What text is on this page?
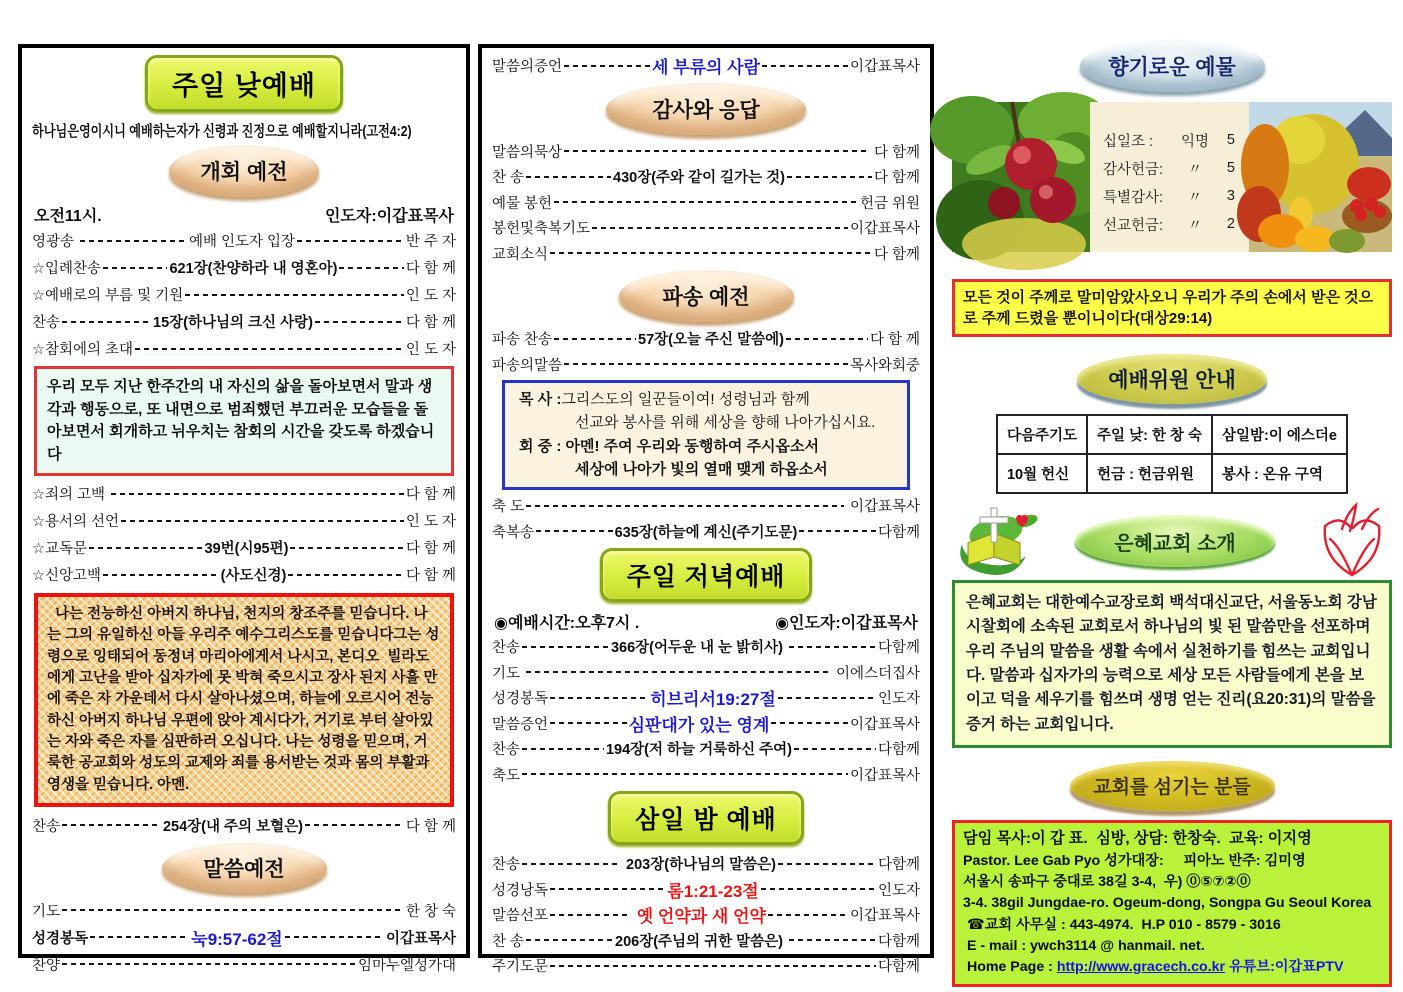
주일 낮예배
하나님은영이시니 예배하는자가 신령과 진정으로 예배할지니라(고전4:2)
개회 예전
오전11시.	인도자:이갑표목사
영광송	예배 인도자 입장	반 주 자
☆입례찬송	621장(찬양하라 내 영혼아)	다 함 께
☆예배로의 부름 및 기원	인 도 자
찬송	15장(하나님의 크신 사랑)	다 함 께
☆참회에의 초대	인 도 자
우리 모두 지난 한주간의 내 자신의 삶을 돌아보면서 말과 생각과 행동으로, 또 내면으로 범죄했던 부끄러운 모습들을 돌아보면서 회개하고 뉘우치는 참회의 시간을 갖도록 하겠습니다
☆죄의 고백	다 함 께
☆용서의 선언	인 도 자
☆교독문	39번(시95편)	다 함 께
☆신앙고백	(사도신경)	다 함 께
나는 전능하신 아버지 하나님, 천지의 창조주를 믿습니다. 나는 그의 유일하신 아들 우리주 예수그리스도를 믿습니다그는 성령으로 잉태되어 동정녀 마리아에게서 나시고, 본디오  빌라도에게 고난을 받아 십자가에 못 박혀 죽으시고 장사 된지 사흘 만에 죽은 자 가운데서 다시 살아나셨으며, 하늘에 오르시어 전능하신 아버지 하나님 우편에 앉아 계시다가, 거기로 부터 살아있는 자와 죽은 자를 심판하러 오십니다. 나는 성령을 믿으며, 거룩한 공교회와 성도의 교제와 죄를 용서받는 것과 몸의 부활과 영생을 믿습니다. 아멘.
찬송	254장(내 주의 보혈은)	다 함 께
말씀예전
기도	한 창 숙
성경봉독	눅9:57-62절	이갑표목사
찬양	임마누엘성가대
말씀의증언	세 부류의 사람	이갑표목사
감사와 응답
말씀의묵상	다 함께
찬 송	430장(주와 같이 길가는 것)	다 함께
예물 봉헌	헌금 위원
봉헌및축복기도	이갑표목사
교회소식	다 함께
파송 예전
파송 찬송	57장(오늘 주신 말씀에)	다 함 께
파송의말씀	목사와회중
목 사 :그리스도의 일꾼들이여! 성령님과 함께
선교와 봉사를 위해 세상을 향해 나아가십시요.
회 중 : 아멘! 주여 우리와 동행하여 주시옵소서
세상에 나아가 빛의 열매 맺게 하옵소서
축 도	이갑표목사
축복송	635장(하늘에 계신(주기도문)	다함께
주일 저녁예배
◉예배시간:오후7시 .	◉인도자:이갑표목사
찬송	366장(어두운 내 눈 밝히사)	다함께
기도	이에스더집사
성경봉독	히브리서19:27절	인도자
말씀증언	심판대가 있는 영계	이갑표목사
찬송	194장(저 하늘 거룩하신 주여)	다함께
축도	이갑표목사
삼일 밤 예배
찬송	203장(하나님의 말씀은)	다함께
성경낭독	롬1:21-23절	인도자
말씀선포	옛 언약과 새 언약	이갑표목사
찬 송	206장(주님의 귀한 말씀은)	다함께
주기도문	다함께
향기로운 예물
십일조 :	익명	5
감사헌금:	〃	5
특별감사:	〃	3
선교헌금:	〃	2
모든 것이 주께로 말미암았사오니 우리가 주의 손에서 받은 것으로 주께 드렸을 뿐이니이다(대상29:14)
예배위원 안내
다음주기도	주일 낮: 한 창 숙	삼일밤:이 에스더e
10월 헌신	헌금 : 헌금위원	봉사 : 온유 구역
은혜교회 소개
은혜교회는 대한예수교장로회 백석대신교단, 서울동노회 강남시찰회에 소속된 교회로서 하나님의 빛 된 말씀만을 선포하며 우리 주님의 말씀을 생활 속에서 실천하기를 힘쓰는 교회입니다. 말씀과 십자가의 능력으로 세상 모든 사람들에게 본을 보이고 덕을 세우기를 힘쓰며 생명 얻는 진리(요20:31)의 말씀을 증거 하는 교회입니다.
교회를 섬기는 분들
담임 목사:이 갑 표.  심방, 상담: 한창숙.  교육: 이지영
Pastor. Lee Gab Pyo 성가대장:     피아노 반주: 김미영
서울시 송파구 중대로 38길 3-4,  우) ⓪⑤⑦②⓪
3-4. 38gil Jungdae-ro. Ogeum-dong, Songpa Gu Seoul Korea
☎교회 사무실 : 443-4974.  H.P 010 - 8579 - 3016
E - mail : ywch3114 @ hanmail. net.
Home Page : http://www.gracech.co.kr 유튜브:이갑표PTV
